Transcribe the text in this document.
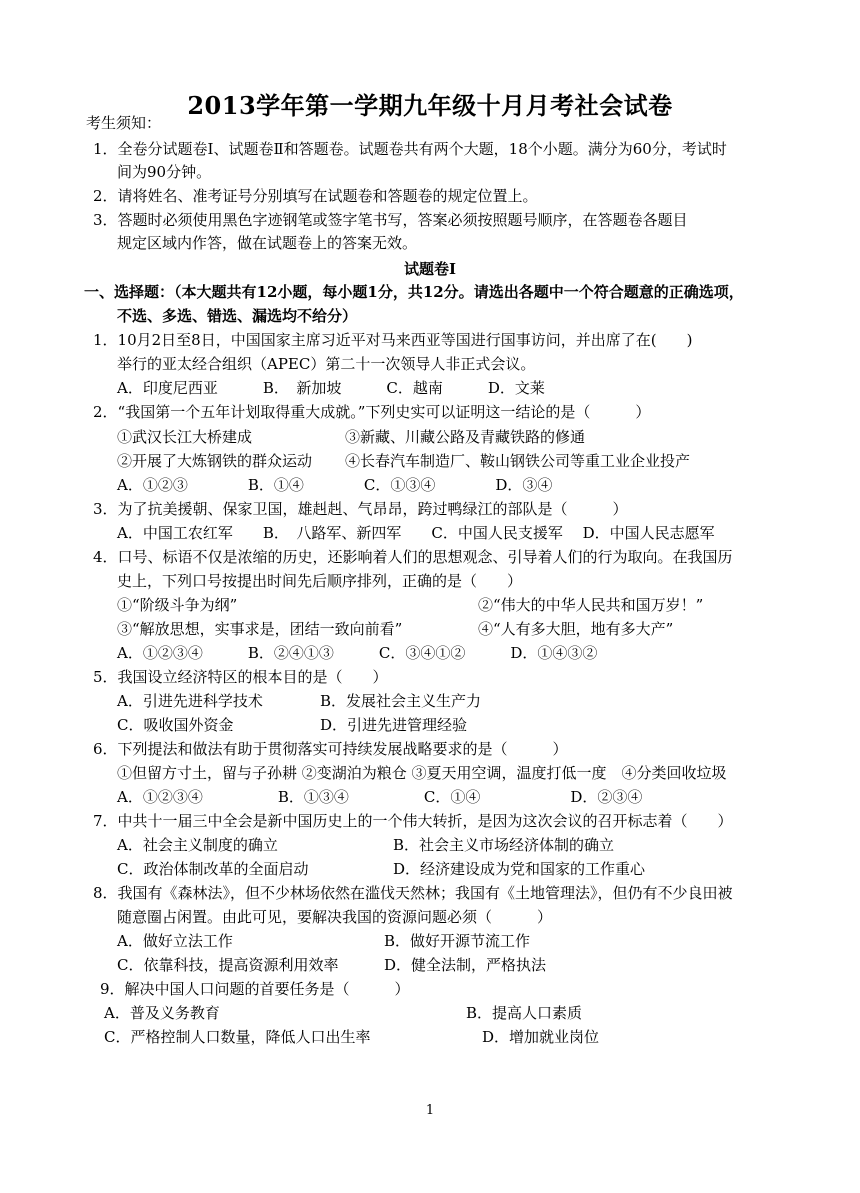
2013学年第一学期九年级十月月考社会试卷
考生须知：
1．全卷分试题卷Ⅰ、试题卷Ⅱ和答题卷。试题卷共有两个大题，18个小题。满分为60分，考试时
间为90分钟。
2．请将姓名、准考证号分别填写在试题卷和答题卷的规定位置上。
3．答题时必须使用黑色字迹钢笔或签字笔书写，答案必须按照题号顺序，在答题卷各题目
规定区域内作答，做在试题卷上的答案无效。
试题卷Ⅰ
一、选择题：（本大题共有12小题，每小题1分，共12分。请选出各题中一个符合题意的正确选项，
不选、多选、错选、漏选均不给分）
1．10月2日至8日，中国国家主席习近平对马来西亚等国进行国事访问，并出席了在(　　)
举行的亚太经合组织（APEC）第二十一次领导人非正式会议。
A．印度尼西亚　　　B．　新加坡　　　C．越南　　　D．文莱
2．“我国第一个五年计划取得重大成就。”下列史实可以证明这一结论的是（　　　）
①武汉长江大桥建成	③新藏、川藏公路及青藏铁路的修通
②开展了大炼钢铁的群众运动 ④长春汽车制造厂、鞍山钢铁公司等重工业企业投产
A．①②③　　　　B．①④　　　　C．①③④　　　　D．③④
3．为了抗美援朝、保家卫国，雄赳赳、气昂昂，跨过鸭绿江的部队是（　　　）
A．中国工农红军　　B．　八路军、新四军　　C．中国人民支援军　 D．中国人民志愿军
4．口号、标语不仅是浓缩的历史，还影响着人们的思想观念、引导着人们的行为取向。在我国历
史上，下列口号按提出时间先后顺序排列，正确的是（　　）
①“阶级斗争为纲”	②“伟大的中华人民共和国万岁！”
③“解放思想，实事求是，团结一致向前看”	④“人有多大胆，地有多大产”
A．①②③④　　　B．②④①③　　　C．③④①②　　　D．①④③②
5．我国设立经济特区的根本目的是（　　）
A．引进先进科学技术	B．发展社会主义生产力
C．吸收国外资金	D．引进先进管理经验
6．下列提法和做法有助于贯彻落实可持续发展战略要求的是（　　　）
①但留方寸土，留与子孙耕 ②变湖泊为粮仓 ③夏天用空调，温度打低一度　④分类回收垃圾
A．①②③④　　　　　B．①③④　　　　　C．①④　　　　　　D．②③④
7．中共十一届三中全会是新中国历史上的一个伟大转折，是因为这次会议的召开标志着（　　）
A．社会主义制度的确立	B．社会主义市场经济体制的确立
C．政治体制改革的全面启动	D．经济建设成为党和国家的工作重心
8．我国有《森林法》，但不少林场依然在滥伐天然林；我国有《土地管理法》，但仍有不少良田被
随意圈占闲置。由此可见，要解决我国的资源问题必须（　　　）
A．做好立法工作	B．做好开源节流工作
C．依靠科技，提高资源利用效率	D．健全法制，严格执法
9．解决中国人口问题的首要任务是（　　　）
A．普及义务教育	B．提高人口素质
C．严格控制人口数量，降低人口出生率	D．增加就业岗位
1
